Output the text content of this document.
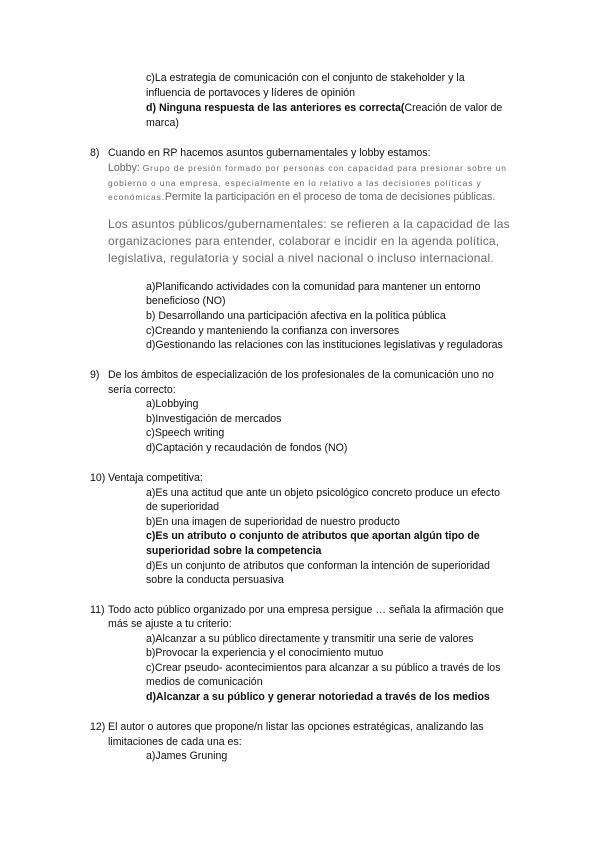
c)La estrategia de comunicación con el conjunto de stakeholder y la
influencia de portavoces y líderes de opinión
d) Ninguna respuesta de las anteriores es correcta(Creación de valor de
marca)
8) Cuando en RP hacemos asuntos gubernamentales y lobby estamos:
Lobby: Grupo de presión formado por personas con capacidad para presionar sobre un
gobierno o una empresa, especialmente en lo relativo a las decisiones políticas y
económicas.Permite la participación en el proceso de toma de decisiones públicas.
Los asuntos públicos/gubernamentales: se refieren a la capacidad de las
organizaciones para entender, colaborar e incidir en la agenda política,
legislativa, regulatoria y social a nivel nacional o incluso internacional.
a)Planificando actividades con la comunidad para mantener un entorno
beneficioso (NO)
b) Desarrollando una participación afectiva en la política pública
c)Creando y manteniendo la confianza con inversores
d)Gestionando las relaciones con las instituciones legislativas y reguladoras
9) De los ámbitos de especialización de los profesionales de la comunicación uno no
sería correcto:
a)Lobbying
b)Investigación de mercados
c)Speech writing
d)Captación y recaudación de fondos (NO)
10) Ventaja competitiva:
a)Es una actitud que ante un objeto psicológico concreto produce un efecto
de superioridad
b)En una imagen de superioridad de nuestro producto
c)Es un atributo o conjunto de atributos que aportan algún tipo de
superioridad sobre la competencia
d)Es un conjunto de atributos que conforman la intención de superioridad
sobre la conducta persuasiva
11) Todo acto público organizado por una empresa persigue … señala la afirmación que
más se ajuste a tu criterio:
a)Alcanzar a su público directamente y transmitir una serie de valores
b)Provocar la experiencia y el conocimiento mutuo
c)Crear pseudo- acontecimientos para alcanzar a su público a través de los
medios de comunicación
d)Alcanzar a su público y generar notoriedad a través de los medios
12) El autor o autores que propone/n listar las opciones estratégicas, analizando las
limitaciones de cada una es:
a)James Gruning
